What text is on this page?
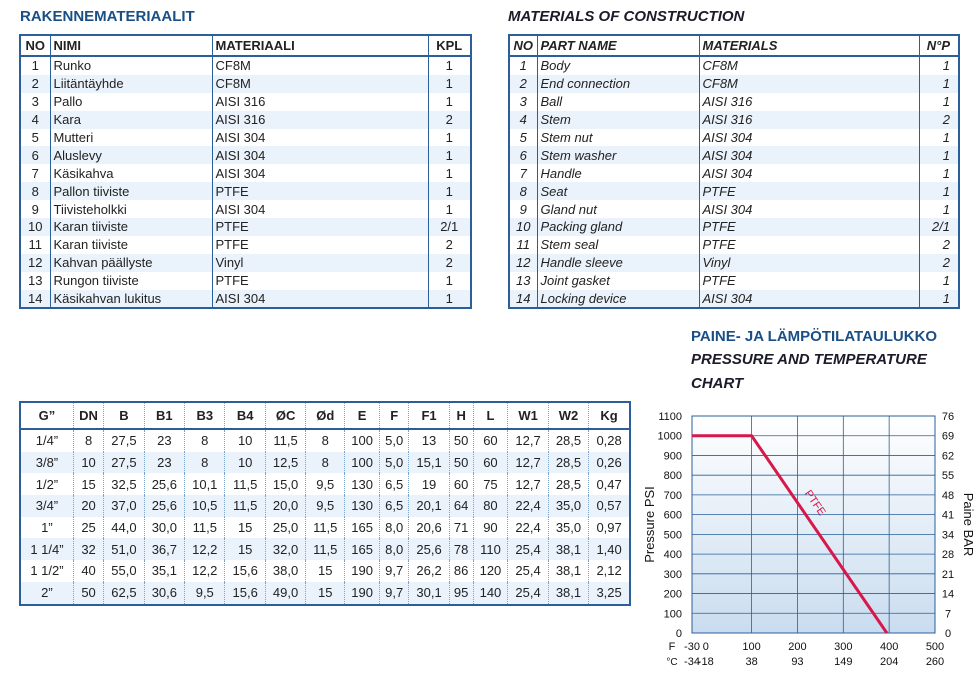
RAKENNEMATERIAALIT	MATERIALS OF CONSTRUCTION
NO	NIMI	MATERIAALI	KPL
1	Runko	CF8M	1
2	Liitäntäyhde	CF8M	1
3	Pallo	AISI 316	1
4	Kara	AISI 316	2
5	Mutteri	AISI 304	1
6	Aluslevy	AISI 304	1
7	Käsikahva	AISI 304	1
8	Pallon tiiviste	PTFE	1
9	Tiivisteholkki	AISI 304	1
10	Karan tiiviste	PTFE	2/1
11	Karan tiiviste	PTFE	2
12	Kahvan päällyste	Vinyl	2
13	Rungon tiiviste	PTFE	1
14	Käsikahvan lukitus	AISI 304	1
NO	PART NAME	MATERIALS	N°P
1	Body	CF8M	1
2	End connection	CF8M	1
3	Ball	AISI 316	1
4	Stem	AISI 316	2
5	Stem nut	AISI 304	1
6	Stem washer	AISI 304	1
7	Handle	AISI 304	1
8	Seat	PTFE	1
9	Gland nut	AISI 304	1
10	Packing gland	PTFE	2/1
11	Stem seal	PTFE	2
12	Handle sleeve	Vinyl	2
13	Joint gasket	PTFE	1
14	Locking device	AISI 304	1
PAINE- JA LÄMPÖTILATAULUKKO
PRESSURE AND TEMPERATURE
CHART
G”	DN	B	B1	B3	B4	ØC	Ød	E	F	F1	H	L	W1	W2	Kg
1/4”	8	27,5	23	8	10	11,5	8	100	5,0	13	50	60	12,7	28,5	0,28
3/8”	10	27,5	23	8	10	12,5	8	100	5,0	15,1	50	60	12,7	28,5	0,26
1/2”	15	32,5	25,6	10,1	11,5	15,0	9,5	130	6,5	19	60	75	12,7	28,5	0,47
3/4”	20	37,0	25,6	10,5	11,5	20,0	9,5	130	6,5	20,1	64	80	22,4	35,0	0,57
1”	25	44,0	30,0	11,5	15	25,0	11,5	165	8,0	20,6	71	90	22,4	35,0	0,97
1 1/4”	32	51,0	36,7	12,2	15	32,0	11,5	165	8,0	25,6	78	110	25,4	38,1	1,40
1 1/2”	40	55,0	35,1	12,2	15,6	38,0	15	190	9,7	26,2	86	120	25,4	38,1	2,12
2”	50	62,5	30,6	9,5	15,6	49,0	15	190	9,7	30,1	95	140	25,4	38,1	3,25
0	0
100	7
200	14
300	21
400	28
500	34
600	41
700	48
800	55
900	62
1000	69
1100	76
-30
-34
0
-18
100
38
200
93
300
149
400
204
500
260
F
°C
Pressure PSI	Paine BAR
PTFE
